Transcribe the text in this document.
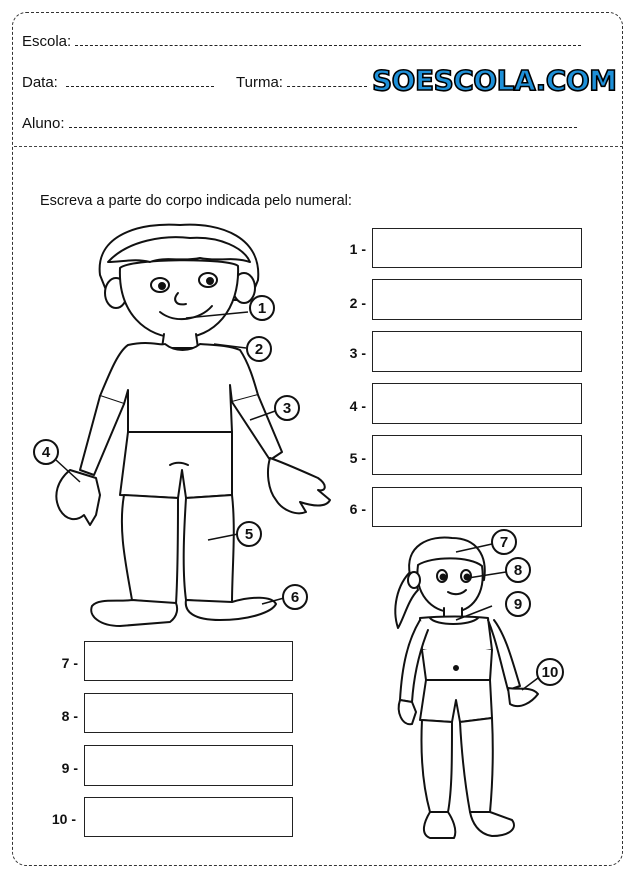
Escola:
Data:	Turma:
Aluno:
SOESCOLA.COM
Escreva a parte do corpo indicada pelo numeral:
1
2
3
4
5
6
7
8
9
10
1 -
2 -
3 -
4 -
5 -
6 -
7 -
8 -
9 -
10 -
